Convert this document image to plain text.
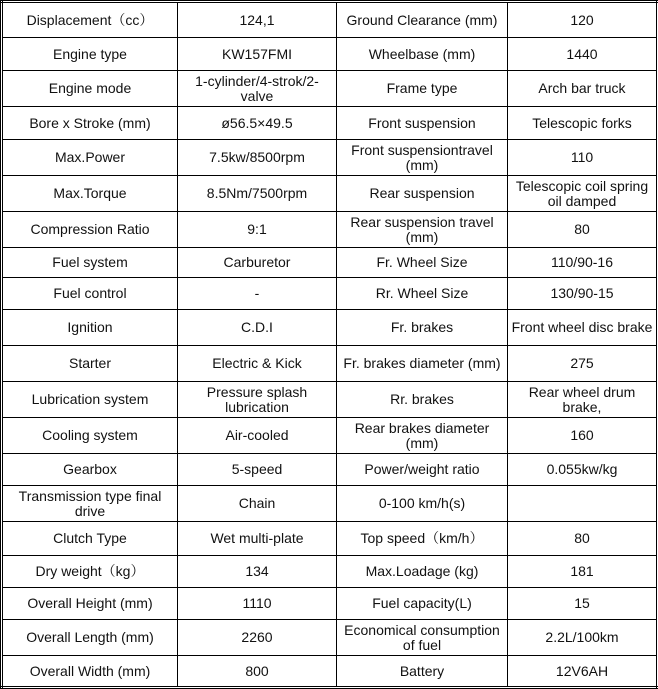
Displacement（cc）	124,1	Ground Clearance (mm)	120
Engine type	KW157FMI	Wheelbase (mm)	1440
Engine mode	1-cylinder/4-strok/2-valve	Frame type	Arch bar truck
Bore x Stroke (mm)	ø56.5×49.5	Front suspension	Telescopic forks
Max.Power	7.5kw/8500rpm	Front suspensiontravel (mm)	110
Max.Torque	8.5Nm/7500rpm	Rear suspension	Telescopic coil spring oil damped
Compression Ratio	9:1	Rear suspension travel (mm)	80
Fuel system	Carburetor	Fr. Wheel Size	110/90-16
Fuel control	-	Rr. Wheel Size	130/90-15
Ignition	C.D.I	Fr. brakes	Front wheel disc brake
Starter	Electric & Kick	Fr. brakes diameter (mm)	275
Lubrication system	Pressure splash lubrication	Rr. brakes	Rear wheel drum brake,
Cooling system	Air-cooled	Rear brakes diameter (mm)	160
Gearbox	5-speed	Power/weight ratio	0.055kw/kg
Transmission type final drive	Chain	0-100 km/h(s)	
Clutch Type	Wet multi-plate	Top speed（km/h）	80
Dry weight（kg）	134	Max.Loadage (kg)	181
Overall Height (mm)	1110	Fuel capacity(L)	15
Overall Length (mm)	2260	Economical consumption of fuel	2.2L/100km
Overall Width (mm)	800	Battery	12V6AH
